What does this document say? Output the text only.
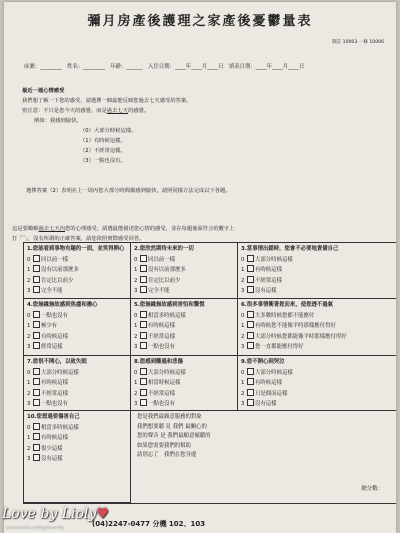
彌月房產後護理之家產後憂鬱量表
制訂 10003 一修 10006
床號：________　姓名：________　年齡：______　入住日期：____年____月____日　填表日期：____年____月____日
最近一週心情感受
我們想了解一下您的感受，請選擇一個最能反映您過去七天感受的答案。
密注意：不只是您今天的感覺，而是過去七天的感覺。
例如：我感到愉快。
（0）大部分時候這樣。
（1）有時候這樣。
（2）不經常這樣。
（3）一點也沒有。
選擇答案（2）表明在上一周內您大部分時間都感到愉快，請照同樣方法完成以下各題。
這是要瞭解過去七天內您的心理感受，請選最能描述您心情的感受，並在每題後面符合的數字上
打「ˇ」，沒有所謂的正確答案，請您依照實際感受回答。
1.您能看到事物有趣的一面，並笑得開心
0 同以前一樣
1 沒有以前那麼多
2 肯定比以前少
3 完全不能
2.您欣然期待未來的一切
0 同以前一樣
1 沒有以前那麼多
2 肯定比以前少
3 完全不能
3.當事情出錯時，您會不必要地責備自己
0 大部分時候這樣
1 有時候這樣
2 不經常這樣
3 沒有這樣
4.您無緣無故感到焦慮和擔心
0 一點也沒有
1 極少有
2 有時候這樣
3 經常這樣
5.您無緣無故感到害怕和驚慌
0 相當多時候這樣
1 有時候這樣
2 不經常這樣
3 一點也沒有
6.很多事情衝著您而來，使您透不過氣
0 大多數時候您都不能應付
1 有時候您不能像平時那樣應付得好
2 大部分時候您都能像平時那樣應付得好
3 您一直都能應付得好
7.您很不開心，以致失眠
0 大部分時候這樣
1 有時候這樣
2 不經常這樣
3 一點也沒有
8.您感到難過和悲傷
0 大部分時候這樣
1 相當時候這樣
2 不經常這樣
3 一點也沒有
9.您不開心到哭泣
0 大部分時候這樣
1 有時候這樣
2 只是偶而這樣
3 沒有這樣
10.您想過要傷害自己
0 相當多時候這樣
1 有時候這樣
2 很少這樣
3 沒有這樣
您是我們最願意服務的對象
我們想要聽 見 我們 最關心的
您的聲音 是 我們最願意傾聽的
如果您需要我們的幫助
請別忘了　我們在您身邊
總分數：
(04)2247-0477 分機 102、103
Love by Lioly♥
www.wretch.cc/blog/lovemily
